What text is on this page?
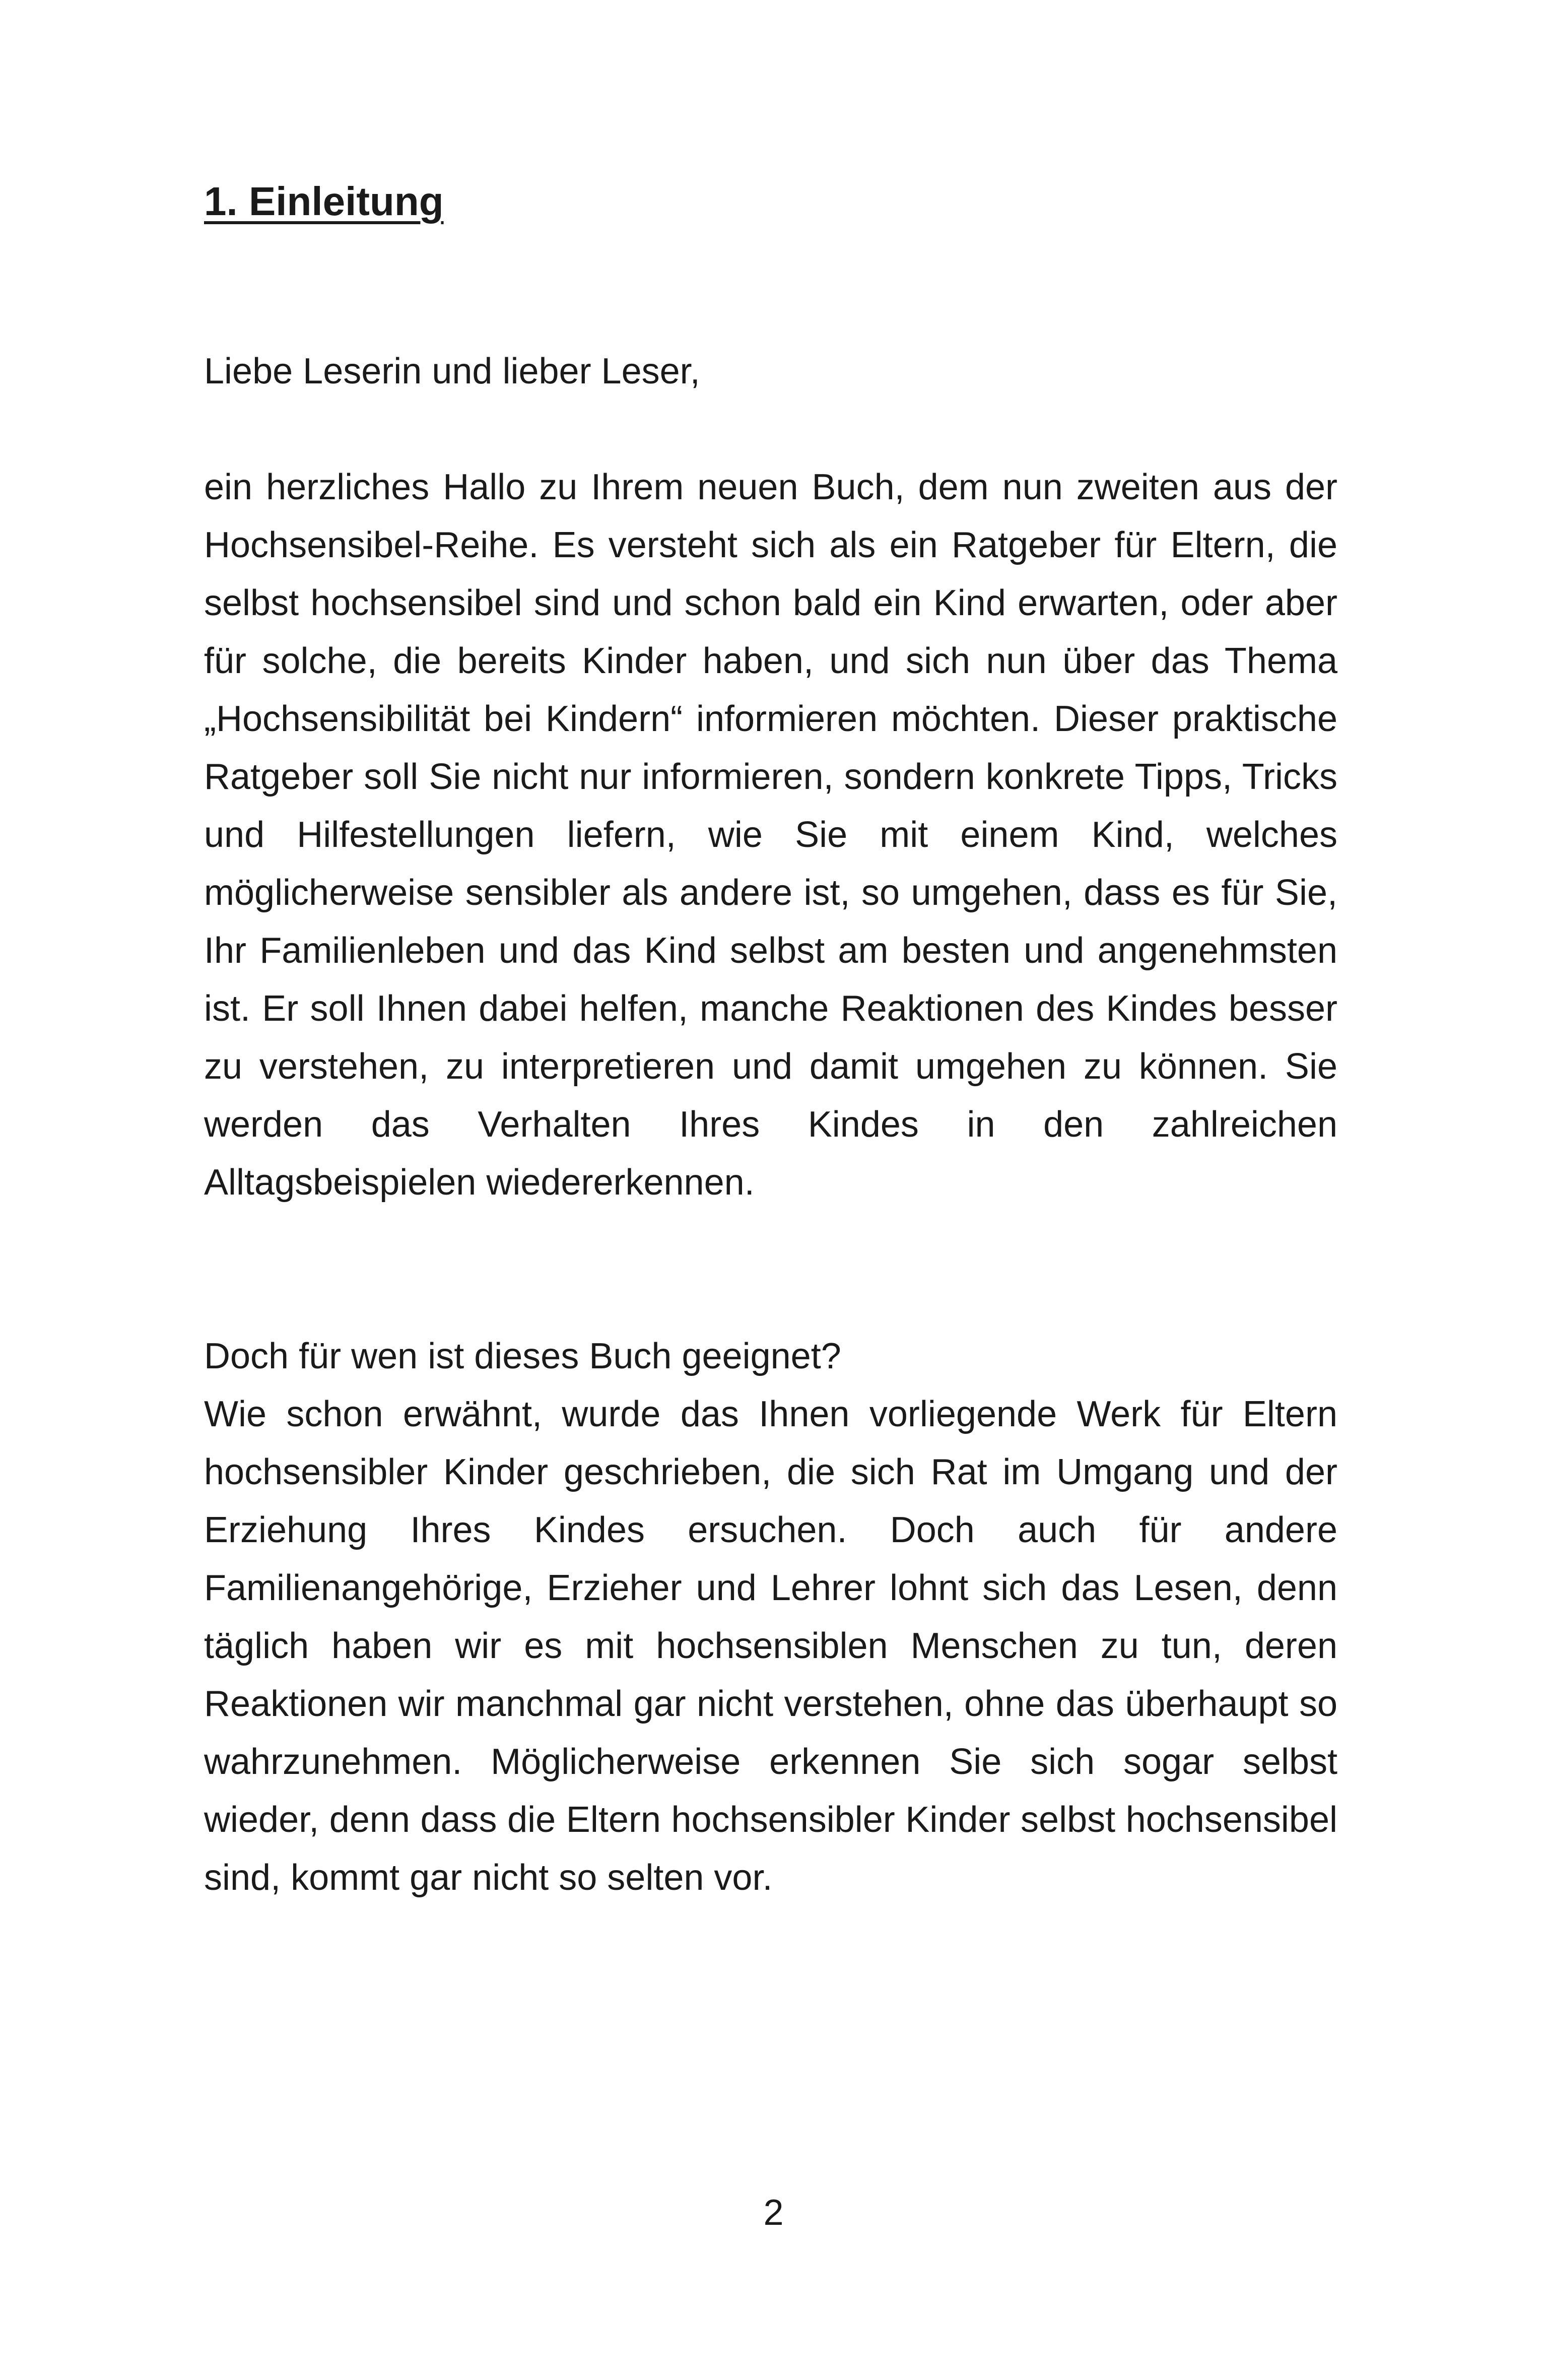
1. Einleitung

Liebe Leserin und lieber Leser,

ein herzliches Hallo zu Ihrem neuen Buch, dem nun zweiten aus der Hochsensibel-Reihe. Es versteht sich als ein Ratgeber für Eltern, die selbst hochsensibel sind und schon bald ein Kind erwarten, oder aber für solche, die bereits Kinder haben, und sich nun über das Thema „Hochsensibilität bei Kindern“ informieren möchten. Dieser praktische Ratgeber soll Sie nicht nur informieren, sondern konkrete Tipps, Tricks und Hilfestellungen liefern, wie Sie mit einem Kind, welches möglicherweise sensibler als andere ist, so umgehen, dass es für Sie, Ihr Familienleben und das Kind selbst am besten und angenehmsten ist. Er soll Ihnen dabei helfen, manche Reaktionen des Kindes besser zu verstehen, zu interpretieren und damit umgehen zu können. Sie werden das Verhalten Ihres Kindes in den zahlreichen Alltagsbeispielen wiedererkennen.

Doch für wen ist dieses Buch geeignet?

Wie schon erwähnt, wurde das Ihnen vorliegende Werk für Eltern hochsensibler Kinder geschrieben, die sich Rat im Umgang und der Erziehung Ihres Kindes ersuchen. Doch auch für andere Familienangehörige, Erzieher und Lehrer lohnt sich das Lesen, denn täglich haben wir es mit hochsensiblen Menschen zu tun, deren Reaktionen wir manchmal gar nicht verstehen, ohne das überhaupt so wahrzunehmen. Möglicherweise erkennen Sie sich sogar selbst wieder, denn dass die Eltern hochsensibler Kinder selbst hochsensibel sind, kommt gar nicht so selten vor.

2
